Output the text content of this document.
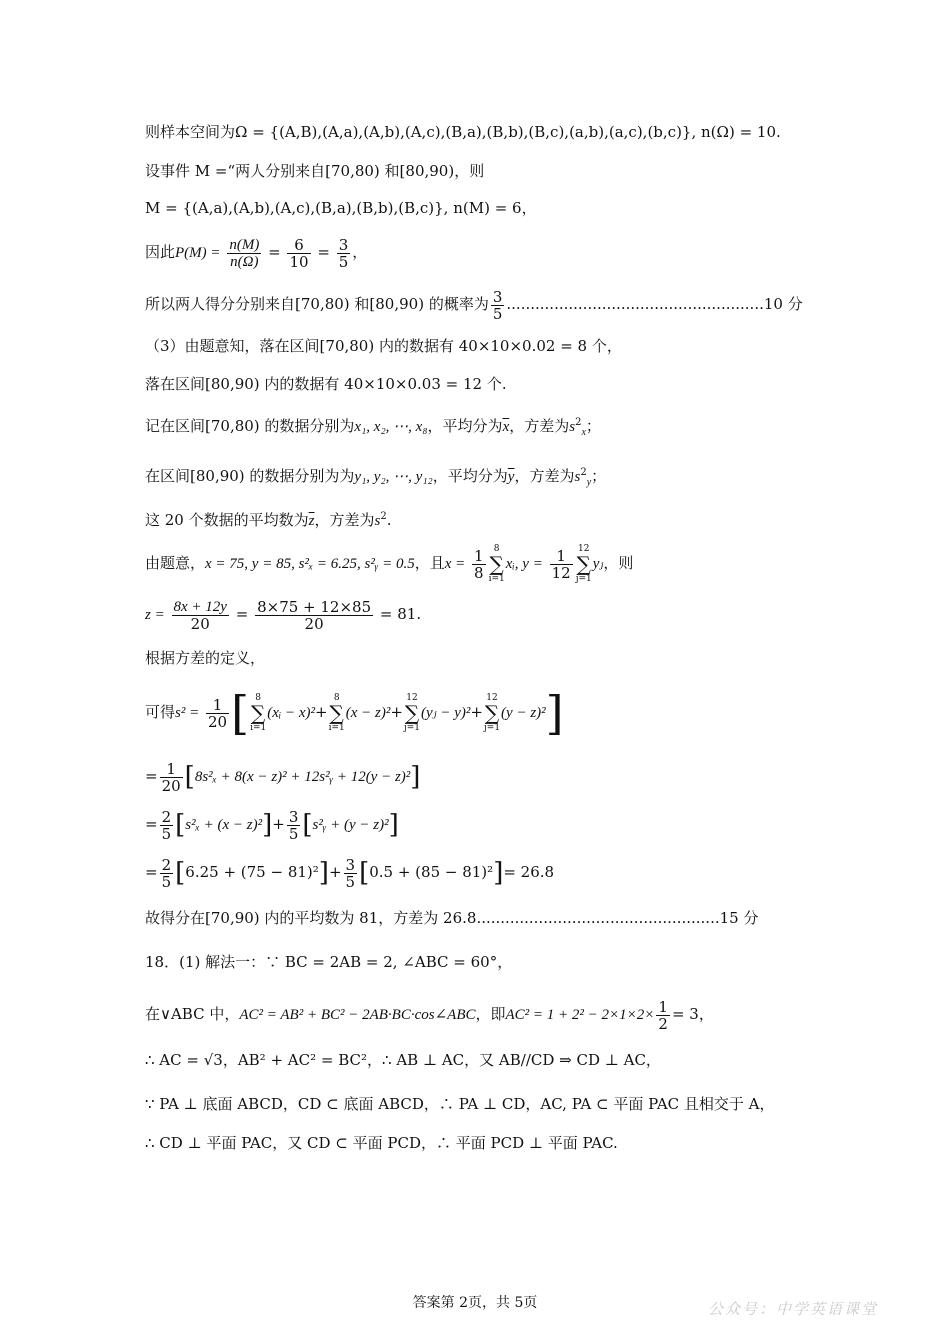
则样本空间为Ω = {(A,B),(A,a),(A,b),(A,c),(B,a),(B,b),(B,c),(a,b),(a,c),(b,c)}, n(Ω) = 10.
设事件 M =“两人分别来自[70,80) 和[80,90)，则
M = {(A,a),(A,b),(A,c),(B,a),(B,b),(B,c)}, n(M) = 6，
因此$P(M) = \frac{n(M)}{n(\Omega)} = \frac{6}{10} = \frac{3}{5}$ ，
所以两人得分分别来自[70,80) 和[80,90) 的概率为 $\frac{3}{5} ......................................................10$ 分
（3）由题意知，落在区间[70,80) 内的数据有 40×10×0.02 = 8 个，
落在区间[80,90) 内的数据有 40×10×0.03 = 12 个.
记在区间[70,80) 的数据分别为x₁, x₂, ⋯, x₈，平均分为$\overline{x}$，方差为$s^2_x$；
在区间[80,90) 的数据分别为为y₁, y₂, ⋯, y₁₂，平均分为$\overline{y}$，方差为$s^2_y$；
这 20 个数据的平均数为$\overline{z}$，方差为$s^2$.
由题意，x = 75, y = 85, s²ₓ = 6.25, s²ᵧ = 0.5，且$x = \frac{1}{8} 8$
∑
i=1
xᵢ, $y = \frac{1}{12} 12$
∑
j=1
yⱼ，则
$z = \frac{8x + 12y}{20} = \frac{8\times 75 + 12\times 85}{20} = 81$.
根据方差的定义，
可得$s^2 = \frac{1}{20}$ [ 8
∑
i=1
(xᵢ − x)²+
8
∑
i=1
(x − z)²+
12
∑
j=1
(yⱼ − y)²+
12
∑
j=1
(y − z)²]
= $\frac{1}{20} [8s^2_x + 8(x - z)^2$ + 12s²ᵧ + 12(y − z)²]
= $\frac{2}{5} [s^2_x + (x - z)^2]+ \frac{3}{5}$ [s²ᵧ + (y − z)²]
= $\frac{2}{5} [6.25 + (75 - 81)^2]+ \frac{3}{5} [0.5 + (85 - 81)^2]= 26.8$
故得分在[70,90) 内的平均数为 81，方差为 26.8...................................................15 分
18．(1) 解法一：∵ BC = 2AB = 2, ∠ABC = 60°，
在∨ABC 中，AC² = AB² + BC² − 2AB·BC·cos∠ABC，即$AC^2 = 1 + 2^2 - 2\times 1\times 2\times \frac{1}{2} = 3$，
∴ AC = √3，AB² + AC² = BC²，∴ AB ⊥ AC，又 AB//CD ⇒ CD ⊥ AC，
∵ PA ⊥ 底面 ABCD，CD ⊂ 底面 ABCD，∴ PA ⊥ CD，AC, PA ⊂ 平面 PAC 且相交于 A，
∴ CD ⊥ 平面 PAC，又 CD ⊂ 平面 PCD，∴ 平面 PCD ⊥ 平面 PAC.
答案第 2页，共 5页	公众号：中学英语课堂
